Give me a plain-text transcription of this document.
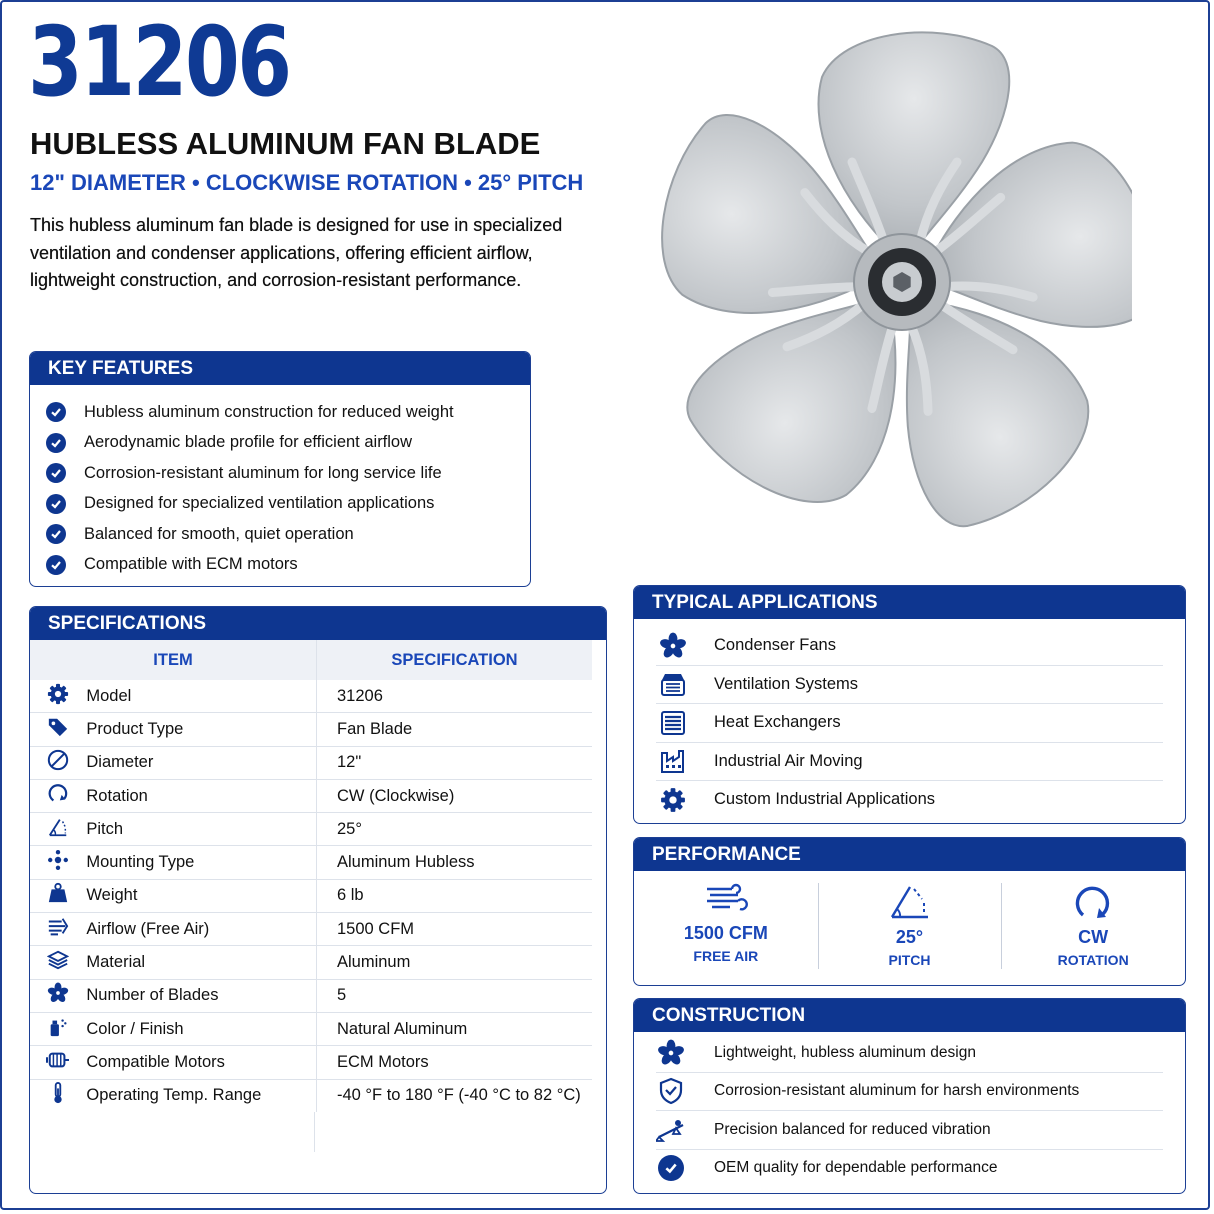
31206
HUBLESS ALUMINUM FAN BLADE
12" DIAMETER • CLOCKWISE ROTATION • 25° PITCH
This hubless aluminum fan blade is designed for use in specialized ventilation and condenser applications, offering efficient airflow, lightweight construction, and corrosion-resistant performance.
KEY FEATURES
Hubless aluminum construction for reduced weight
Aerodynamic blade profile for efficient airflow
Corrosion-resistant aluminum for long service life
Designed for specialized ventilation applications
Balanced for smooth, quiet operation
Compatible with ECM motors
SPECIFICATIONS
ITEM		SPECIFICATION
	Model	31206
	Product Type	Fan Blade
	Diameter	12"
	Rotation	CW (Clockwise)
	Pitch	25°
	Mounting Type	Aluminum Hubless
	Weight	6 lb
	Airflow (Free Air)	1500 CFM
	Material	Aluminum
	Number of Blades	5
	Color / Finish	Natural Aluminum
	Compatible Motors	ECM Motors
	Operating Temp. Range	-40 °F to 180 °F (-40 °C to 82 °C)
TYPICAL APPLICATIONS
Condenser Fans
Ventilation Systems
Heat Exchangers
Industrial Air Moving
Custom Industrial Applications
PERFORMANCE
1500 CFM
FREE AIR
25°
PITCH
CW
ROTATION
CONSTRUCTION
Lightweight, hubless aluminum design
Corrosion-resistant aluminum for harsh environments
Precision balanced for reduced vibration
OEM quality for dependable performance
